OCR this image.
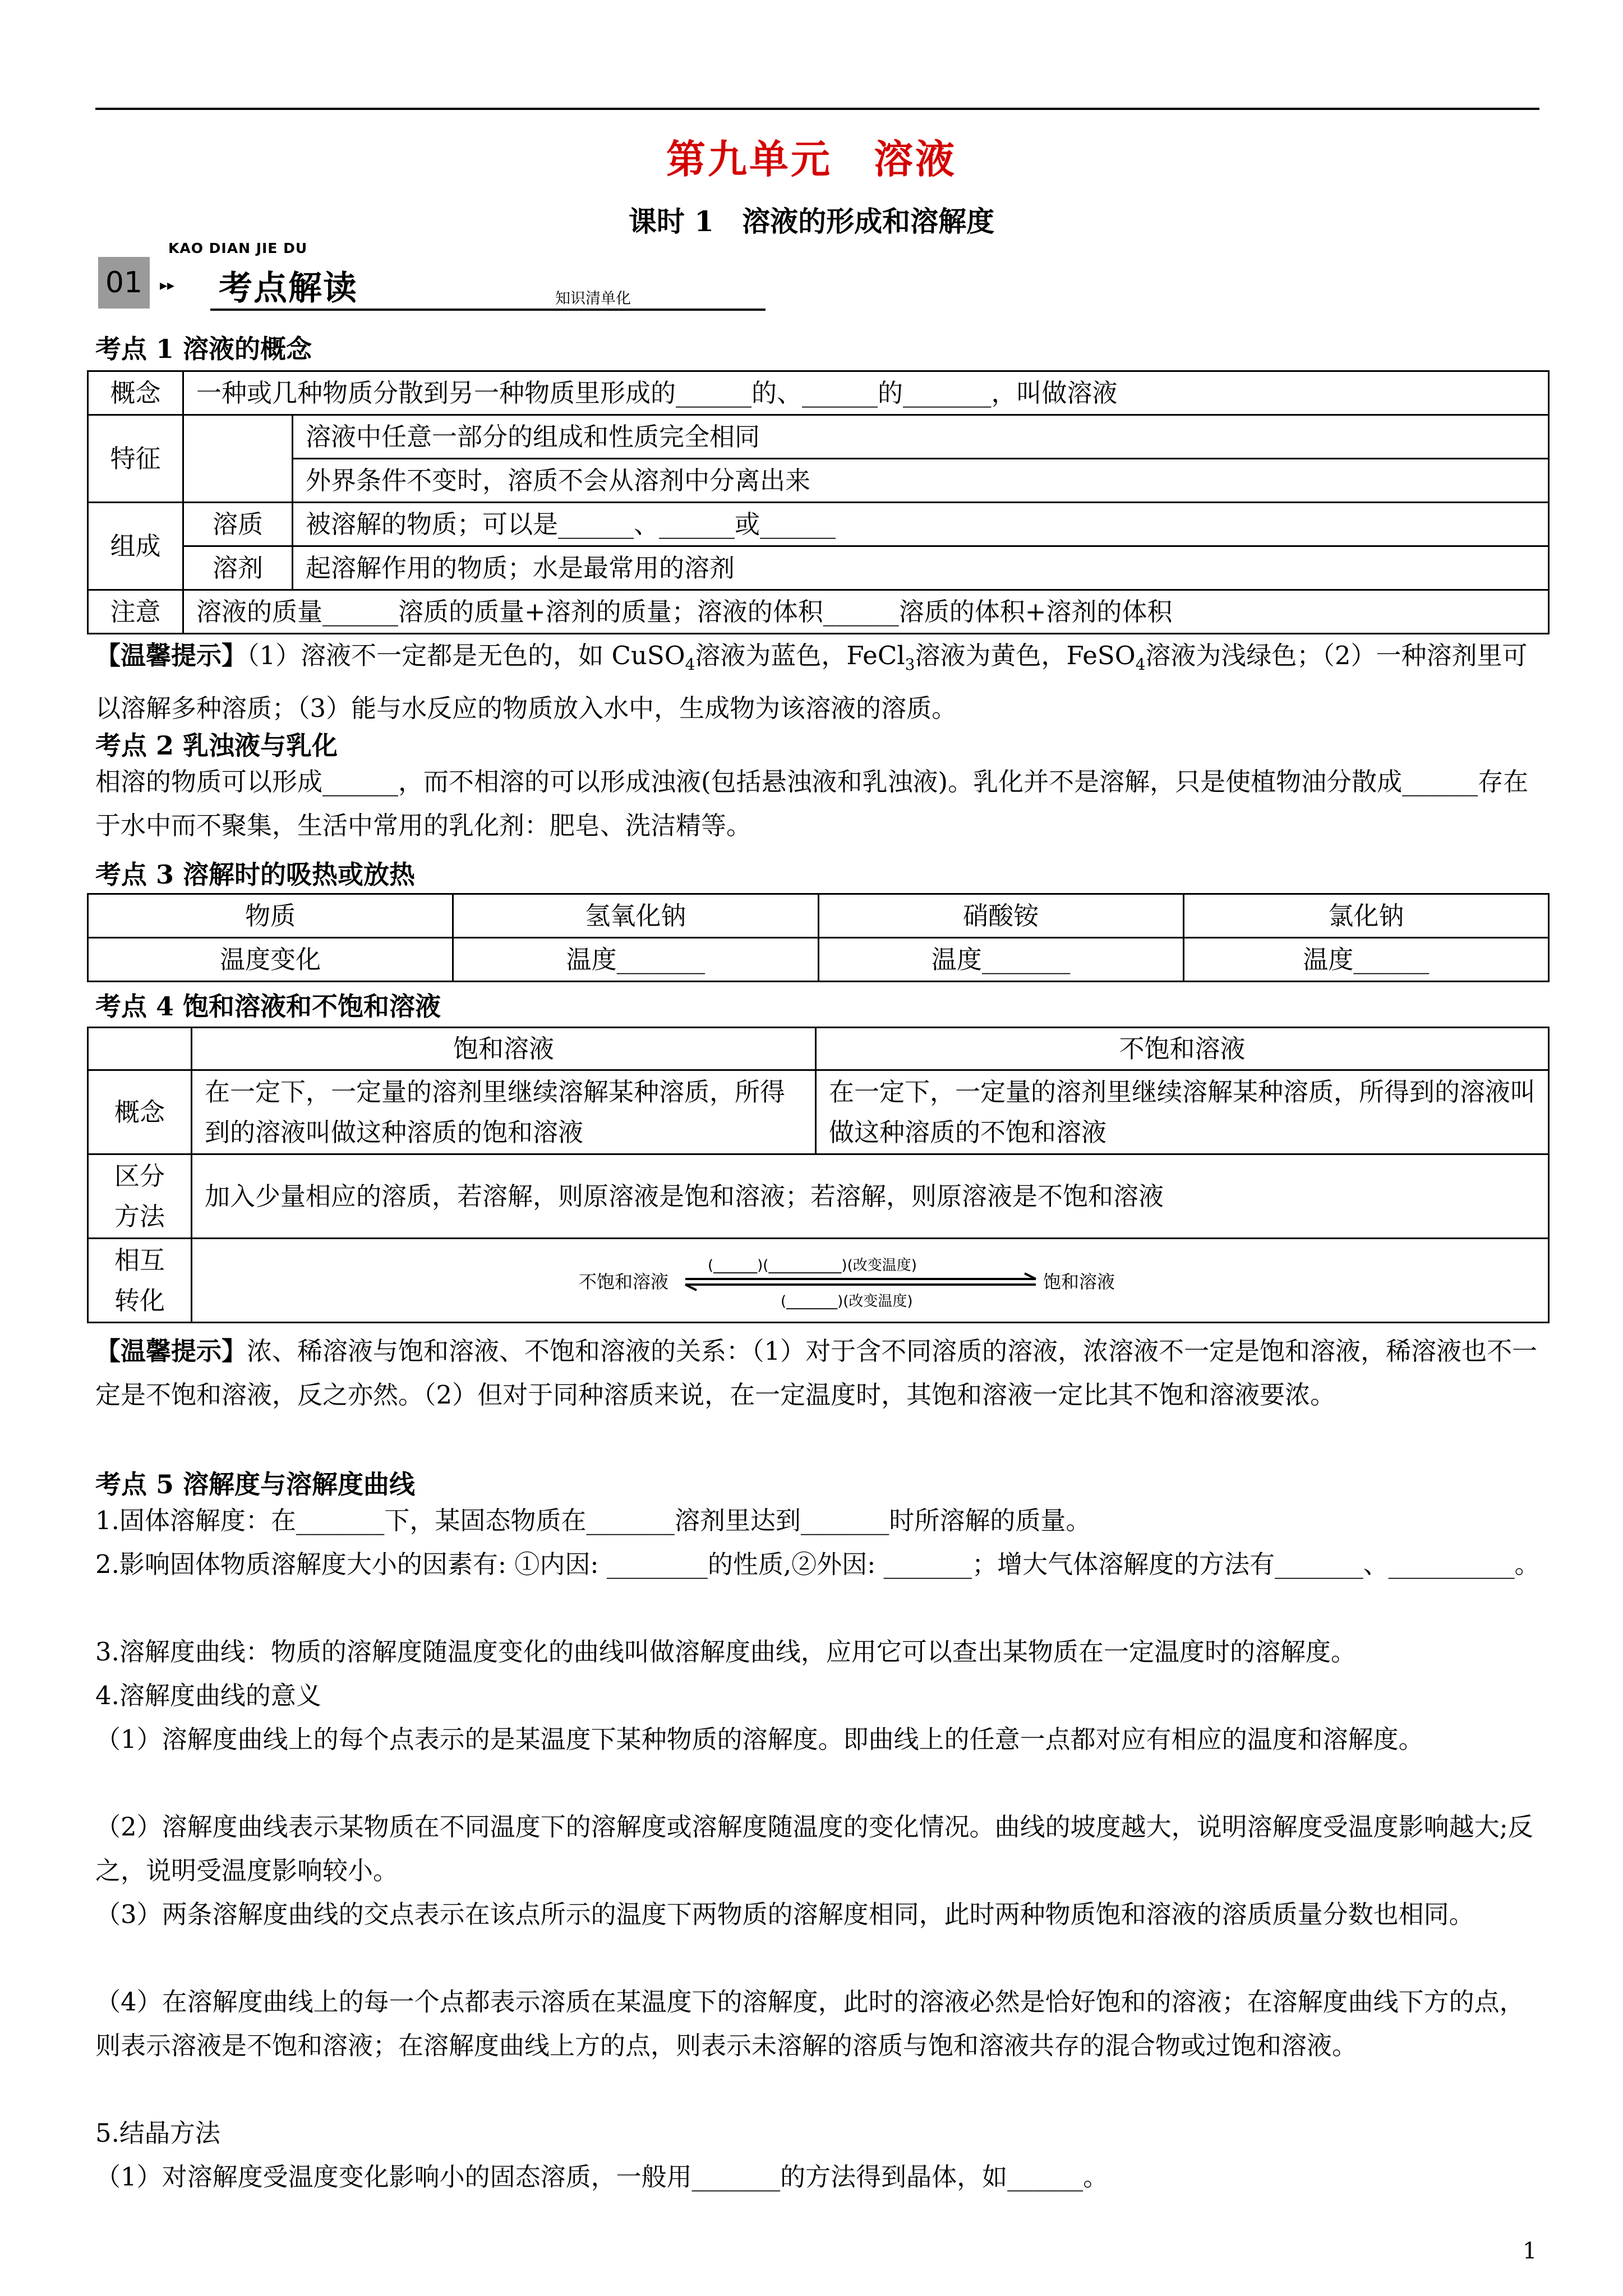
第九单元　溶液
课时 1　溶液的形成和溶解度
KAO DIAN JIE DU
01	▸▸ 考点解读	知识清单化
考点 1 溶液的概念
概念	一种或几种物质分散到另一种物质里形成的______的、______的_______，叫做溶液	
特征		溶液中任意一部分的组成和性质完全相同
		外界条件不变时，溶质不会从溶剂中分离出来
组成	溶质	被溶解的物质；可以是______、______或______
	溶剂	起溶解作用的物质；水是最常用的溶剂
注意	溶液的质量______溶质的质量+溶剂的质量；溶液的体积______溶质的体积+溶剂的体积	
【温馨提示】（1）溶液不一定都是无色的，如 CuSO$_4$溶液为蓝色，FeCl$_3$溶液为黄色，FeSO$_4$溶液为浅绿色；（2）一种溶剂里可以溶解多种溶质；（3）能与水反应的物质放入水中，生成物为该溶液的溶质。
考点 2 乳浊液与乳化
相溶的物质可以形成______，而不相溶的可以形成浊液(包括悬浊液和乳浊液)。乳化并不是溶解，只是使植物油分散成______存在于水中而不聚集，生活中常用的乳化剂：肥皂、洗洁精等。
考点 3 溶解时的吸热或放热
物质	氢氧化钠	硝酸铵	氯化钠
温度变化	温度_______	温度_______	温度______
考点 4 饱和溶液和不饱和溶液
	饱和溶液	不饱和溶液
概念	在一定下，一定量的溶剂里继续溶解某种溶质，所得到的溶液叫做这种溶质的饱和溶液	在一定下，一定量的溶剂里继续溶解某种溶质，所得到的溶液叫做这种溶质的不饱和溶液
区分方法	加入少量相应的溶质，若溶解，则原溶液是饱和溶液；若溶解，则原溶液是不饱和溶液	
相互转化	不饱和溶液
(______)(__________)(改变温度)
(_______)(改变温度)
饱和溶液	
【温馨提示】浓、稀溶液与饱和溶液、不饱和溶液的关系：（1）对于含不同溶质的溶液，浓溶液不一定是饱和溶液，稀溶液也不一定是不饱和溶液，反之亦然。（2）但对于同种溶质来说，在一定温度时，其饱和溶液一定比其不饱和溶液要浓。
考点 5 溶解度与溶解度曲线
1.固体溶解度：在_______下，某固态物质在_______溶剂里达到_______时所溶解的质量。
2.影响固体物质溶解度大小的因素有: ①内因: ________的性质,②外因: _______；增大气体溶解度的方法有_______、__________。
3.溶解度曲线：物质的溶解度随温度变化的曲线叫做溶解度曲线，应用它可以查出某物质在一定温度时的溶解度。
4.溶解度曲线的意义
（1）溶解度曲线上的每个点表示的是某温度下某种物质的溶解度。即曲线上的任意一点都对应有相应的温度和溶解度。
（2）溶解度曲线表示某物质在不同温度下的溶解度或溶解度随温度的变化情况。曲线的坡度越大，说明溶解度受温度影响越大;反之，说明受温度影响较小。
（3）两条溶解度曲线的交点表示在该点所示的温度下两物质的溶解度相同，此时两种物质饱和溶液的溶质质量分数也相同。
（4）在溶解度曲线上的每一个点都表示溶质在某温度下的溶解度，此时的溶液必然是恰好饱和的溶液；在溶解度曲线下方的点，则表示溶液是不饱和溶液；在溶解度曲线上方的点，则表示未溶解的溶质与饱和溶液共存的混合物或过饱和溶液。
5.结晶方法
（1）对溶解度受温度变化影响小的固态溶质，一般用_______的方法得到晶体，如______。
1
